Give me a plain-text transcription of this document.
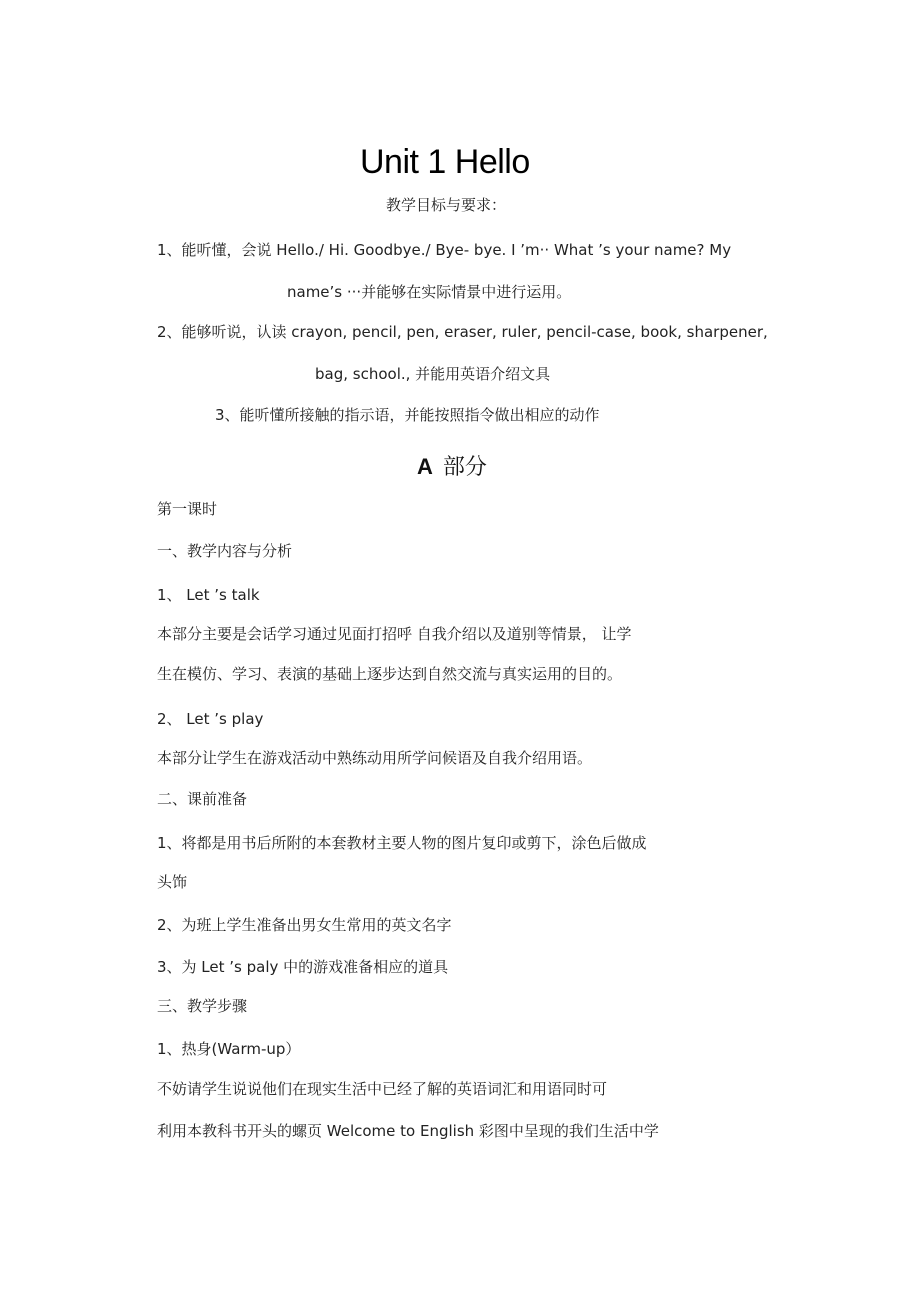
Unit 1 Hello
教学目标与要求：
1、能听懂，会说 Hello./ Hi. Goodbye./ Bye- bye. I ’m·· What ’s your name? My
name’s ···并能够在实际情景中进行运用。
2、能够听说，认读 crayon, pencil, pen, eraser, ruler, pencil-case, book, sharpener,
bag, school., 并能用英语介绍文具
3、能听懂所接触的指示语，并能按照指令做出相应的动作
A 部分
第一课时
一、教学内容与分析
1、 Let ’s talk
本部分主要是会话学习通过见面打招呼 自我介绍以及道别等情景， 让学
生在模仿、学习、表演的基础上逐步达到自然交流与真实运用的目的。
2、 Let ’s play
本部分让学生在游戏活动中熟练动用所学问候语及自我介绍用语。
二、课前准备
1、将都是用书后所附的本套教材主要人物的图片复印或剪下，涂色后做成
头饰
2、为班上学生准备出男女生常用的英文名字
3、为 Let ’s paly 中的游戏准备相应的道具
三、教学步骤
1、热身(Warm-up）
不妨请学生说说他们在现实生活中已经了解的英语词汇和用语同时可
利用本教科书开头的螺页 Welcome to English 彩图中呈现的我们生活中学
